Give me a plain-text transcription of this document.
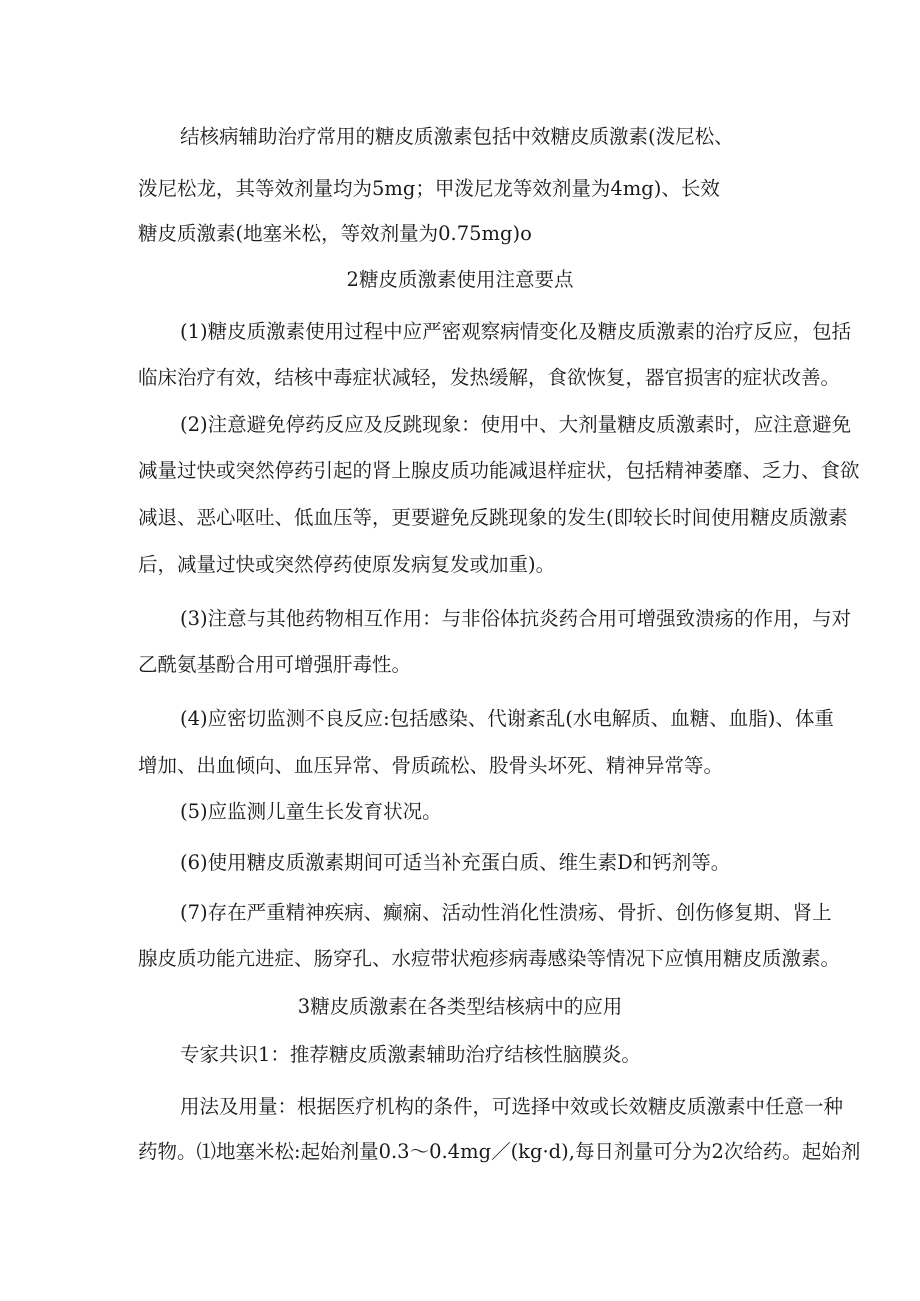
结核病辅助治疗常用的糖皮质激素包括中效糖皮质激素(泼尼松、
泼尼松龙，其等效剂量均为5mg；甲泼尼龙等效剂量为4mg)、长效
糖皮质激素(地塞米松，等效剂量为0.75mg)o
2糖皮质激素使用注意要点
(1)糖皮质激素使用过程中应严密观察病情变化及糖皮质激素的治疗反应，包括
临床治疗有效，结核中毒症状减轻，发热缓解，食欲恢复，器官损害的症状改善。
(2)注意避免停药反应及反跳现象：使用中、大剂量糖皮质激素时，应注意避免
减量过快或突然停药引起的肾上腺皮质功能减退样症状，包括精神萎靡、乏力、食欲
减退、恶心呕吐、低血压等，更要避免反跳现象的发生(即较长时间使用糖皮质激素
后，减量过快或突然停药使原发病复发或加重)。
(3)注意与其他药物相互作用：与非俗体抗炎药合用可增强致溃疡的作用，与对
乙酰氨基酚合用可增强肝毒性。
(4)应密切监测不良反应:包括感染、代谢紊乱(水电解质、血糖、血脂)、体重
增加、出血倾向、血压异常、骨质疏松、股骨头坏死、精神异常等。
(5)应监测儿童生长发育状况。
(6)使用糖皮质激素期间可适当补充蛋白质、维生素D和钙剂等。
(7)存在严重精神疾病、癫痫、活动性消化性溃疡、骨折、创伤修复期、肾上
腺皮质功能亢进症、肠穿孔、水痘带状疱疹病毒感染等情况下应慎用糖皮质激素。
3糖皮质激素在各类型结核病中的应用
专家共识1：推荐糖皮质激素辅助治疗结核性脑膜炎。
用法及用量：根据医疗机构的条件，可选择中效或长效糖皮质激素中任意一种
药物。⑴地塞米松:起始剂量0.3～0.4mg／(kg·d),每日剂量可分为2次给药。起始剂
